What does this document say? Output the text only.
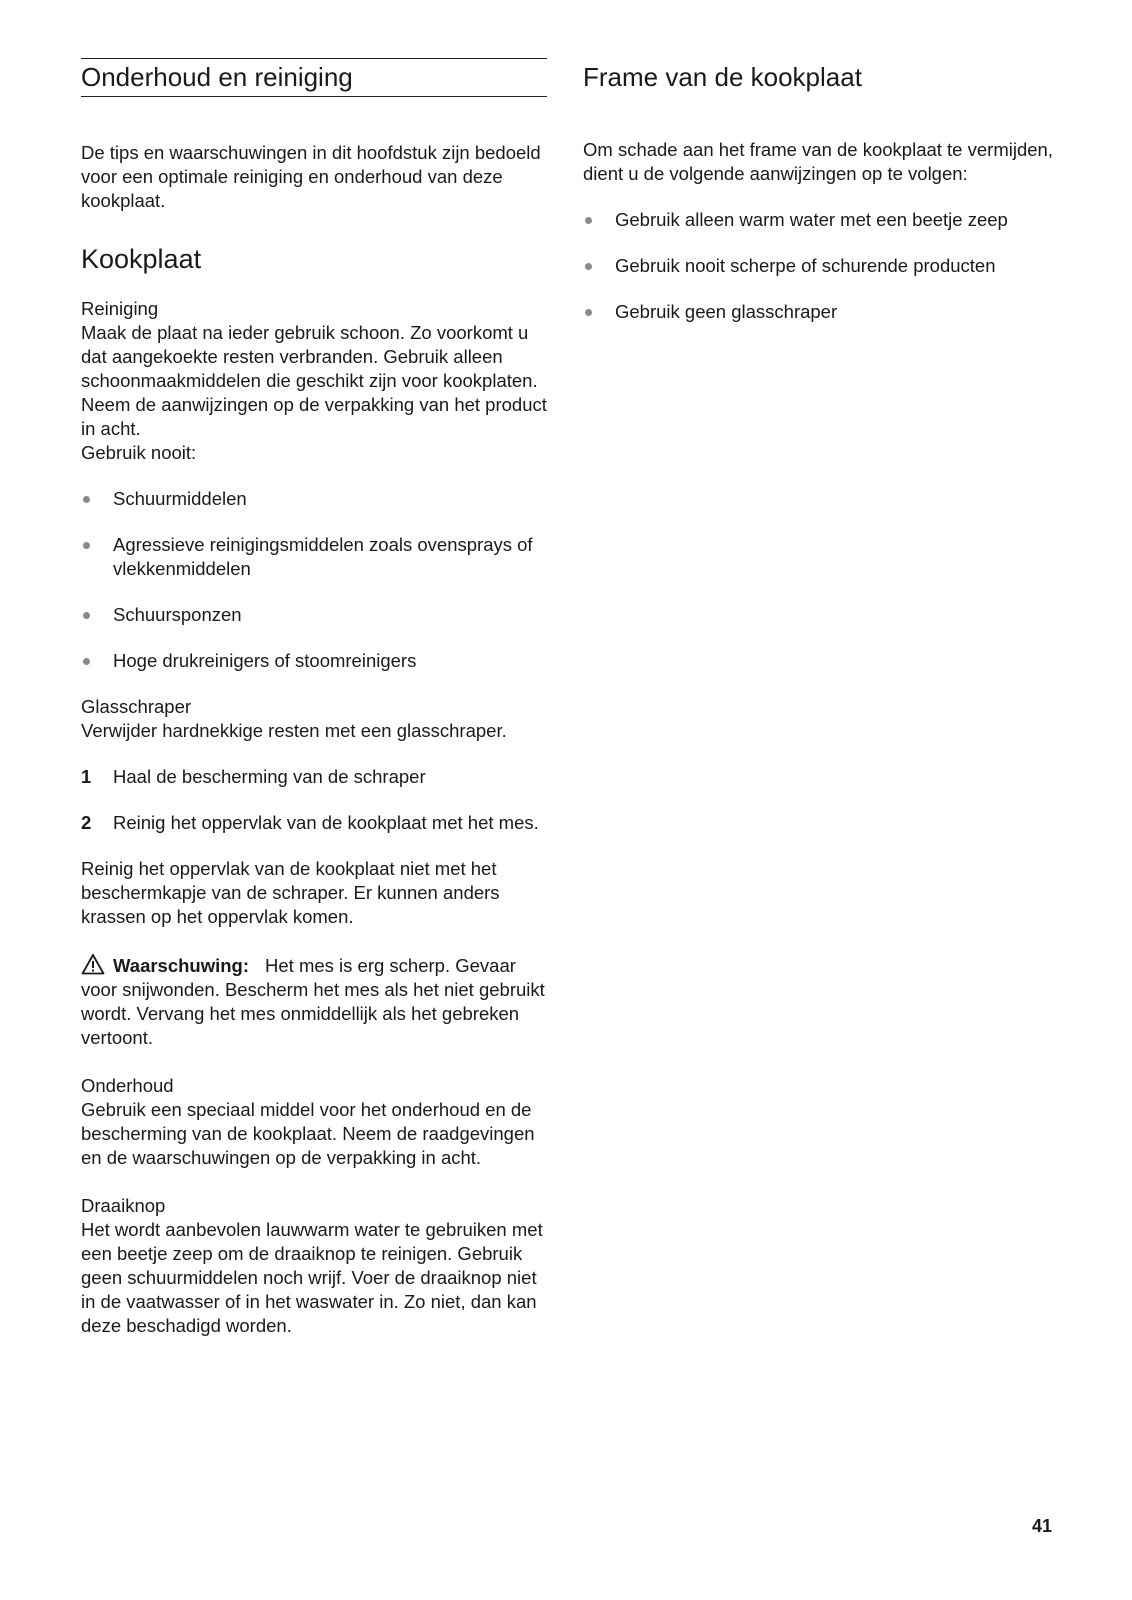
Onderhoud en reiniging

De tips en waarschuwingen in dit hoofdstuk zijn bedoeld voor een optimale reiniging en onderhoud van deze kookplaat.

Kookplaat
Reiniging

Maak de plaat na ieder gebruik schoon. Zo voorkomt u dat aangekoekte resten verbranden. Gebruik alleen schoonmaakmiddelen die geschikt zijn voor kookplaten. Neem de aanwijzingen op de verpakking van het product in acht.

Gebruik nooit:

Schuurmiddelen
Agressieve reinigingsmiddelen zoals ovensprays of vlekkenmiddelen
Schuursponzen
Hoge drukreinigers of stoomreinigers
Glasschraper

Verwijder hardnekkige resten met een glasschraper.

1 Haal de bescherming van de schraper
2 Reinig het oppervlak van de kookplaat met het mes.

Reinig het oppervlak van de kookplaat niet met het beschermkapje van de schraper. Er kunnen anders krassen op het oppervlak komen.

Waarschuwing: Het mes is erg scherp. Gevaar voor snijwonden. Bescherm het mes als het niet gebruikt wordt. Vervang het mes onmiddellijk als het gebreken vertoont.

Onderhoud

Gebruik een speciaal middel voor het onderhoud en de bescherming van de kookplaat. Neem de raadgevingen en de waarschuwingen op de verpakking in acht.

Draaiknop

Het wordt aanbevolen lauwwarm water te gebruiken met een beetje zeep om de draaiknop te reinigen. Gebruik geen schuurmiddelen noch wrijf. Voer de draaiknop niet in de vaatwasser of in het waswater in. Zo niet, dan kan deze beschadigd worden.

Frame van de kookplaat

Om schade aan het frame van de kookplaat te vermijden, dient u de volgende aanwijzingen op te volgen:

Gebruik alleen warm water met een beetje zeep
Gebruik nooit scherpe of schurende producten
Gebruik geen glasschraper
41
